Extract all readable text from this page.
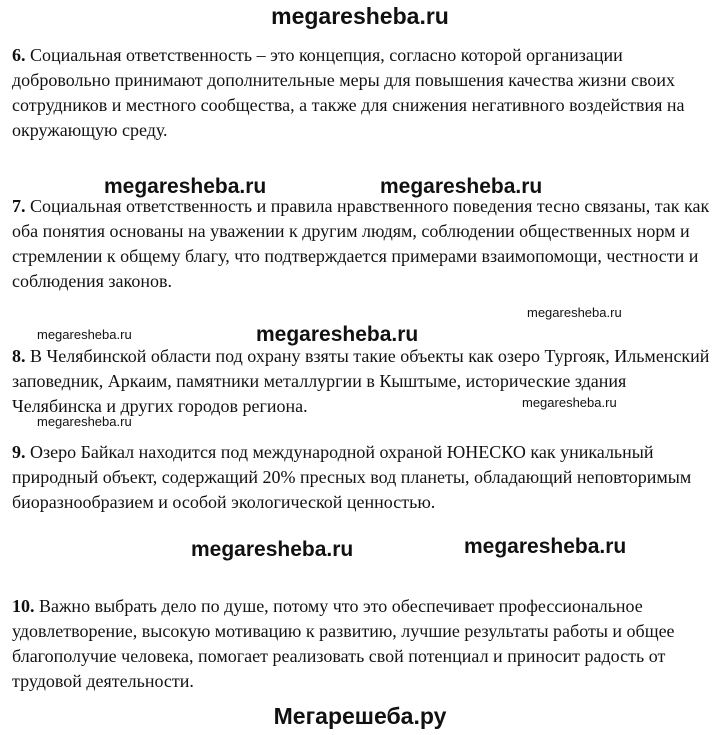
megaresheba.ru

6. Социальная ответственность – это концепция, согласно которой организации добровольно принимают дополнительные меры для повышения качества жизни своих сотрудников и местного сообщества, а также для снижения негативного воздействия на окружающую среду.

megaresheba.ru	megaresheba.ru

7. Социальная ответственность и правила нравственного поведения тесно связаны, так как оба понятия основаны на уважении к другим людям, соблюдении общественных норм и стремлении к общему благу, что подтверждается примерами взаимопомощи, честности и соблюдения законов.

megaresheba.ru
megaresheba.ru	megaresheba.ru

8. В Челябинской области под охрану взяты такие объекты как озеро Тургояк, Ильменский заповедник, Аркаим, памятники металлургии в Кыштыме, исторические здания Челябинска и других городов региона.	megaresheba.ru
megaresheba.ru

9. Озеро Байкал находится под международной охраной ЮНЕСКО как уникальный природный объект, содержащий 20% пресных вод планеты, обладающий неповторимым биоразнообразием и особой экологической ценностью.

megaresheba.ru	megaresheba.ru

10. Важно выбрать дело по душе, потому что это обеспечивает профессиональное удовлетворение, высокую мотивацию к развитию, лучшие результаты работы и общее благополучие человека, помогает реализовать свой потенциал и приносит радость от трудовой деятельности.

Мегарешеба.ру
